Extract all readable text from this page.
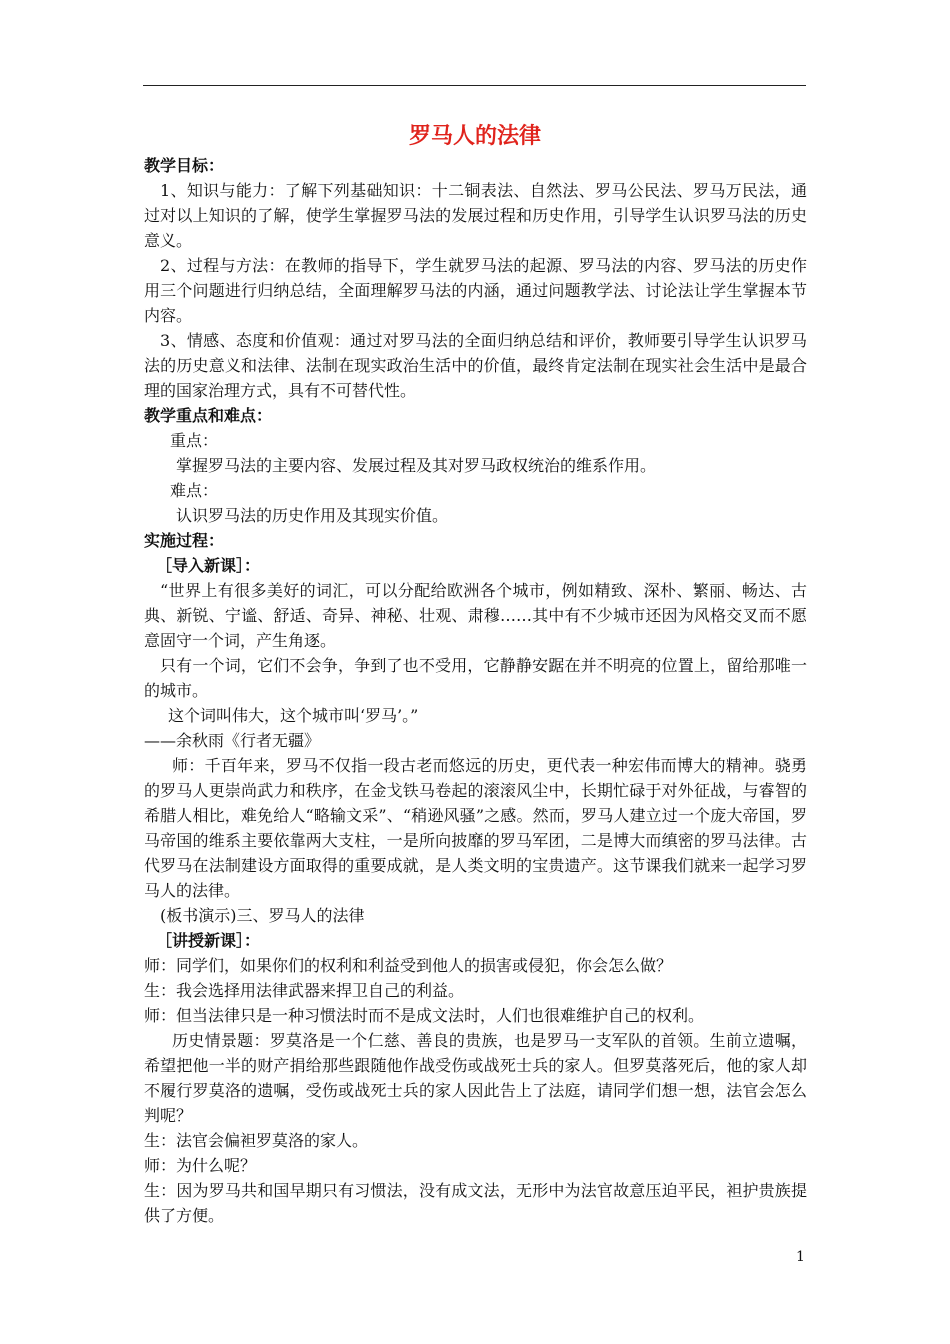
罗马人的法律

教学目标：

1、知识与能力：了解下列基础知识：十二铜表法、自然法、罗马公民法、罗马万民法，通过对以上知识的了解，使学生掌握罗马法的发展过程和历史作用，引导学生认识罗马法的历史意义。

2、过程与方法：在教师的指导下，学生就罗马法的起源、罗马法的内容、罗马法的历史作用三个问题进行归纳总结，全面理解罗马法的内涵，通过问题教学法、讨论法让学生掌握本节内容。

3、情感、态度和价值观：通过对罗马法的全面归纳总结和评价，教师要引导学生认识罗马法的历史意义和法律、法制在现实政治生活中的价值，最终肯定法制在现实社会生活中是最合理的国家治理方式，具有不可替代性。

教学重点和难点：

重点：

掌握罗马法的主要内容、发展过程及其对罗马政权统治的维系作用。

难点：

认识罗马法的历史作用及其现实价值。

实施过程：

［导入新课］：

“世界上有很多美好的词汇，可以分配给欧洲各个城市，例如精致、深朴、繁丽、畅达、古典、新锐、宁谧、舒适、奇异、神秘、壮观、肃穆……其中有不少城市还因为风格交叉而不愿意固守一个词，产生角逐。

只有一个词，它们不会争，争到了也不受用，它静静安踞在并不明亮的位置上，留给那唯一的城市。

这个词叫伟大，这个城市叫‘罗马’。”

——余秋雨《行者无疆》

师：千百年来，罗马不仅指一段古老而悠远的历史，更代表一种宏伟而博大的精神。骁勇的罗马人更崇尚武力和秩序，在金戈铁马卷起的滚滚风尘中，长期忙碌于对外征战，与睿智的希腊人相比，难免给人“略输文采”、“稍逊风骚”之感。然而，罗马人建立过一个庞大帝国，罗马帝国的维系主要依靠两大支柱，一是所向披靡的罗马军团，二是博大而缜密的罗马法律。古代罗马在法制建设方面取得的重要成就，是人类文明的宝贵遗产。这节课我们就来一起学习罗马人的法律。

(板书演示)三、罗马人的法律

［讲授新课］：

师：同学们，如果你们的权利和利益受到他人的损害或侵犯，你会怎么做？

生：我会选择用法律武器来捍卫自己的利益。

师：但当法律只是一种习惯法时而不是成文法时，人们也很难维护自己的权利。

历史情景题：罗莫洛是一个仁慈、善良的贵族，也是罗马一支军队的首领。生前立遗嘱，希望把他一半的财产捐给那些跟随他作战受伤或战死士兵的家人。但罗莫落死后，他的家人却不履行罗莫洛的遗嘱，受伤或战死士兵的家人因此告上了法庭，请同学们想一想，法官会怎么判呢？

生：法官会偏袒罗莫洛的家人。

师：为什么呢？

生：因为罗马共和国早期只有习惯法，没有成文法，无形中为法官故意压迫平民，袒护贵族提供了方便。

1
